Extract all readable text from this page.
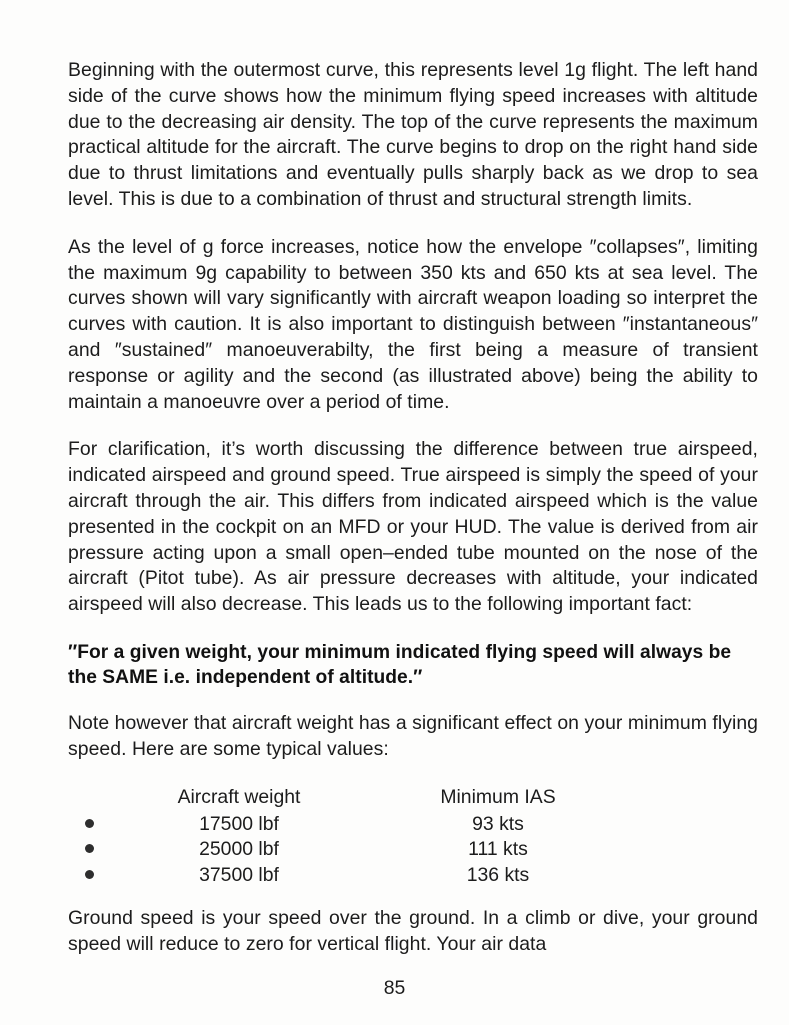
Beginning with the outermost curve, this represents level 1g flight. The left hand side of the curve shows how the minimum flying speed increases with altitude due to the decreasing air density. The top of the curve represents the maximum practical altitude for the aircraft. The curve begins to drop on the right hand side due to thrust limitations and eventually pulls sharply back as we drop to sea level. This is due to a combination of thrust and structural strength limits.

As the level of g force increases, notice how the envelope ″collapses″, limiting the maximum 9g capability to between 350 kts and 650 kts at sea level. The curves shown will vary significantly with aircraft weapon loading so interpret the curves with caution. It is also important to distinguish between ″instantaneous″ and ″sustained″ manoeuverabilty, the first being a measure of transient response or agility and the second (as illustrated above) being the ability to maintain a manoeuvre over a period of time.

For clarification, it’s worth discussing the difference between true airspeed, indicated airspeed and ground speed. True airspeed is simply the speed of your aircraft through the air. This differs from indicated airspeed which is the value presented in the cockpit on an MFD or your HUD. The value is derived from air pressure acting upon a small open–ended tube mounted on the nose of the aircraft (Pitot tube). As air pressure decreases with altitude, your indicated airspeed will also decrease. This leads us to the following important fact:

″For a given weight, your minimum indicated flying speed will always be the SAME i.e. independent of altitude.″

Note however that aircraft weight has a significant effect on your minimum flying speed. Here are some typical values:

	Aircraft weight	Minimum IAS
	17500 lbf	93 kts
	25000 lbf	111 kts
	37500 lbf	136 kts

Ground speed is your speed over the ground. In a climb or dive, your ground speed will reduce to zero for vertical flight. Your air data

85
